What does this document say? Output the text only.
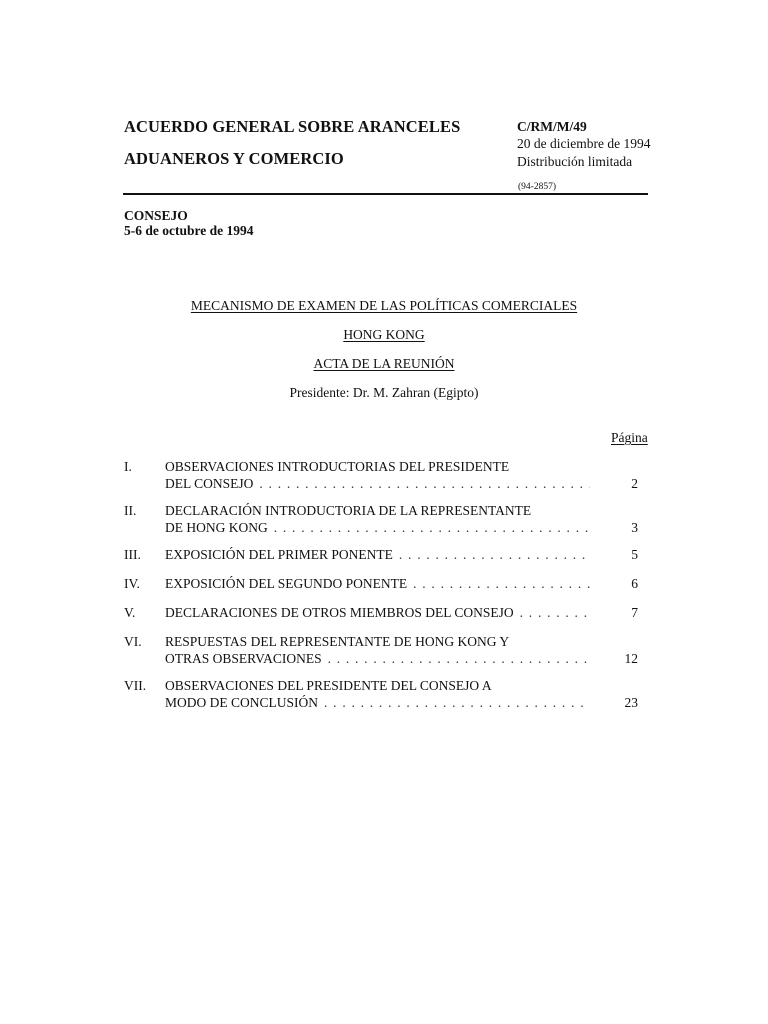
ACUERDO GENERAL SOBRE ARANCELES
ADUANEROS Y COMERCIO
C/RM/M/49
20 de diciembre de 1994
Distribución limitada
(94-2857)
CONSEJO
5-6 de octubre de 1994
MECANISMO DE EXAMEN DE LAS POLÍTICAS COMERCIALES
HONG KONG
ACTA DE LA REUNIÓN
Presidente: Dr. M. Zahran (Egipto)
Página
I. OBSERVACIONES INTRODUCTORIAS DEL PRESIDENTE
DEL CONSEJO . . .	2
II. DECLARACIÓN INTRODUCTORIA DE LA REPRESENTANTE
DE HONG KONG . . .	3
III. EXPOSICIÓN DEL PRIMER PONENTE . . .	5
IV. EXPOSICIÓN DEL SEGUNDO PONENTE . . .	6
V. DECLARACIONES DE OTROS MIEMBROS DEL CONSEJO . . .	7
VI. RESPUESTAS DEL REPRESENTANTE DE HONG KONG Y
OTRAS OBSERVACIONES . . .	12
VII. OBSERVACIONES DEL PRESIDENTE DEL CONSEJO A
MODO DE CONCLUSIÓN . . .	23
